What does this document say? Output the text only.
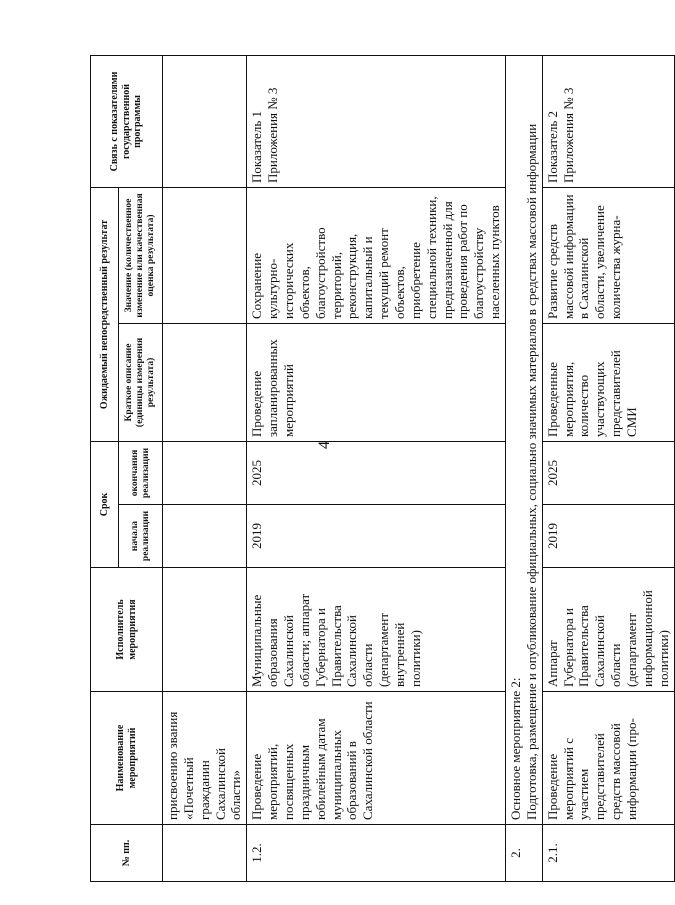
4
№ пп.	Наименование мероприятий	Исполнитель мероприятия	Срок		Ожидаемый непосредственный результат		Связь с показателями государственной программы
			начала реализации	окончания реализации	Краткое описание (единицы измерения результата)	Значение (количественное изменение или качественная оценка результата)	
	присвоению звания «Почетный гражданин Сахалинской области»						
1.2.	Проведение мероприятий, посвященных праздничным юбилейным датам муниципальных образований в Сахалинской области	Муниципальные образования Сахалинской области; аппарат Губернатора и Правительства Сахалинской области (департамент внутренней политики)	2019	2025	Проведение запланированных мероприятий	Сохранение культурно-исторических объектов, благоустройство территорий, реконструкция, капитальный и текущий ремонт объектов, приобретение специальной техники, предназначенной для проведения работ по благоустройству населенных пунктов	Показатель 1 Приложения № 3
2.	Основное мероприятие 2: Подготовка, размещение и опубликование официальных, социально значимых материалов в средствах массовой информации						

2.1.	Проведение мероприятий с участием представителей средств массовой информации (про-	Аппарат Губернатора и Правительства Сахалинской области (департамент информационной политики)	2019	2025	Проведенные мероприятия, количество участвующих представителей СМИ	Развитие средств массовой информации в Сахалинской области, увеличение количества журна-	Показатель 2 Приложения № 3
